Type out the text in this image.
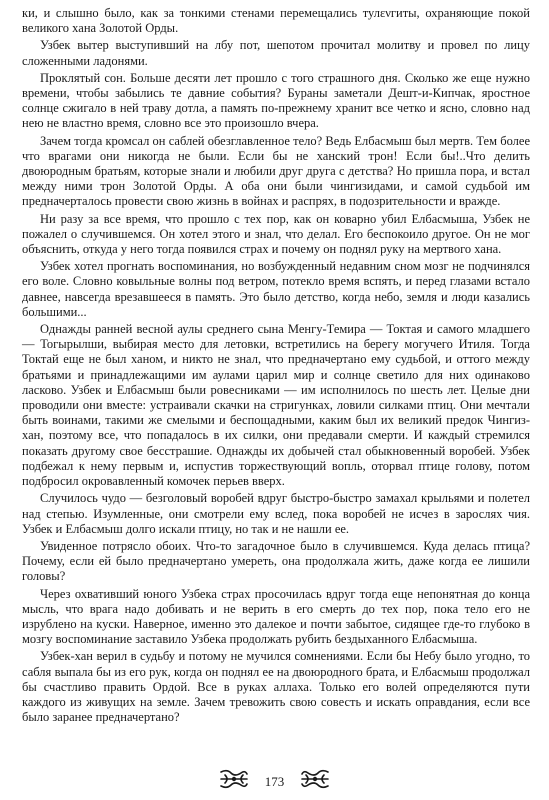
ки, и слышно было, как за тонкими стенами перемещались тулενгиты, охраняющие покой великого хана Золотой Орды.

Узбек вытер выступивший на лбу пот, шепотом прочитал молитву и провел по лицу сложенными ладонями.

Проклятый сон. Больше десяти лет прошло с того страшного дня. Сколько же еще нужно времени, чтобы забылись те давние события? Бураны заметали Дешт-и-Кипчак, яростное солнце сжигало в ней траву дотла, а память по-прежнему хранит все четко и ясно, словно над нею не властно время, словно все это произошло вчера.

Зачем тогда кромсал он саблей обезглавленное тело? Ведь Елбасмыш был мертв. Тем более что врагами они никогда не были. Если бы не ханский трон! Если бы!..Что делить двоюродным братьям, которые знали и любили друг друга с детства? Но пришла пора, и встал между ними трон Золотой Орды. А оба они были чингизидами, и самой судьбой им предначерталось провести свою жизнь в войнах и распрях, в подозрительности и вражде.

Ни разу за все время, что прошло с тех пор, как он коварно убил Елбасмыша, Узбек не пожалел о случившемся. Он хотел этого и знал, что делал. Его беспокоило другое. Он не мог объяснить, откуда у него тогда появился страх и почему он поднял руку на мертвого хана.

Узбек хотел прогнать воспоминания, но возбужденный недавним сном мозг не подчинялся его воле. Словно ковыльные волны под ветром, потекло время вспять, и перед глазами встало давнее, навсегда врезавшееся в память. Это было детство, когда небо, земля и люди казались большими...

Однажды ранней весной аулы среднего сына Менгу-Темира — Toктая и самого младшего — Тогырылши, выбирая место для летовки, встретились на берегу могучего Итиля. Тогда Токтай еще не был ханом, и никто не знал, что предначертано ему судьбой, и оттого между братьями и принадлежащими им аулами царил мир и солнце светило для них одинаково ласково. Узбек и Елбасмыш были ровесниками — им исполнилось по шесть лет. Целые дни проводили они вместе: устраивали скачки на стригунках, ловили силками птиц. Они мечтали быть воинами, такими же смелыми и беспощадными, каким был их великий предок Чингиз-хан, поэтому все, что попадалось в их силки, они предавали смерти. И каждый стремился показать другому свое бесстрашие. Однажды их добычей стал обыкновенный воробей. Узбек подбежал к нему первым и, испустив торжествующий вопль, оторвал птице голову, потом подбросил окровавленный комочек перьев вверх.

Случилось чудо — безголовый воробей вдруг быстро-быстро замахал крыльями и полетел над степью. Изумленные, они смотрели ему вслед, пока воробей не исчез в зарослях чия. Узбек и Елбасмыш долго искали птицу, но так и не нашли ее.

Увиденное потрясло обоих. Что-то загадочное было в случившемся. Куда делась птица? Почему, если ей было предначертано умереть, она продолжала жить, даже когда ее лишили головы?

Через охвативший юного Узбека страх просочилась вдруг тогда еще непонятная до конца мысль, что врага надо добивать и не верить в его смерть до тех пор, пока тело его не изрублено на куски. Наверное, именно это далекое и почти забытое, сидящее где-то глубоко в мозгу воспоминание заставило Узбека продолжать рубить бездыханного Елбасмыша.

Узбек-хан верил в судьбу и потому не мучился сомнениями. Если бы Небу было угодно, то сабля выпала бы из его рук, когда он поднял ее на двоюродного брата, и Елбасмыш продолжал бы счастливо править Ордой. Все в руках аллаха. Только его волей определяются пути каждого из живущих на земле. Зачем тревожить свою совесть и искать оправдания, если все было заранее предначертано?

173
